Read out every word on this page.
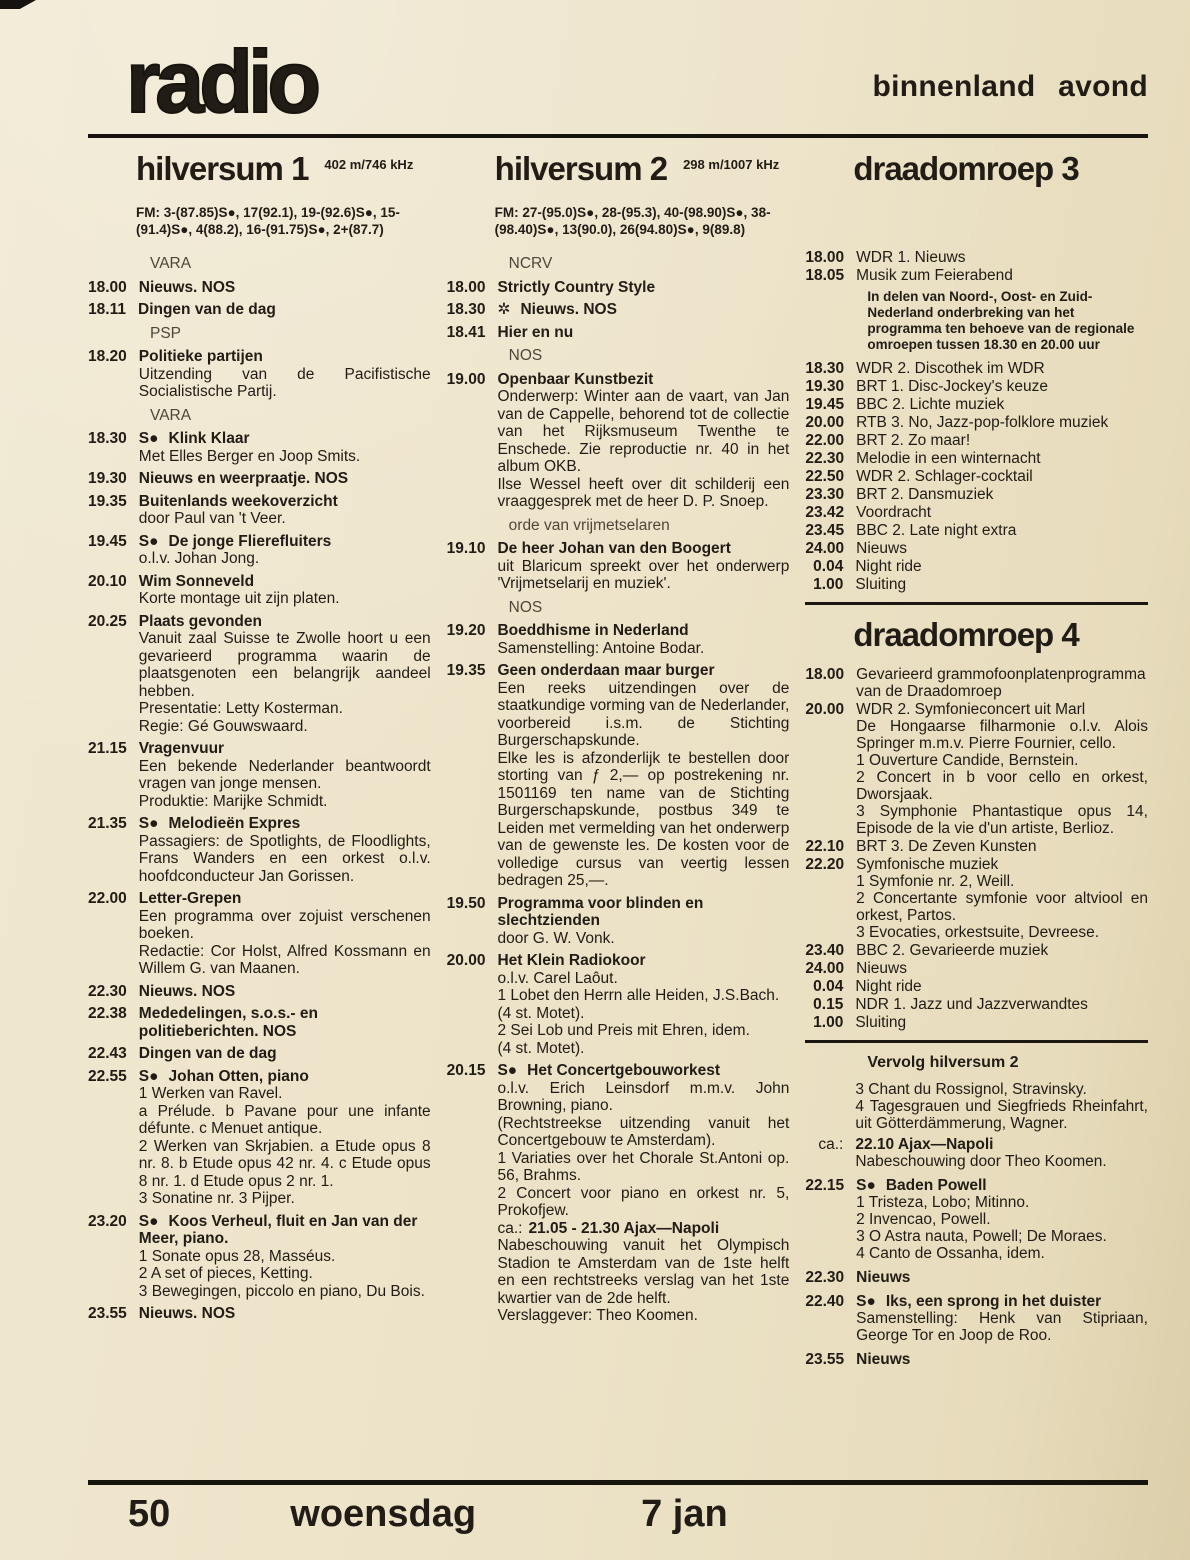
radio	binnenland avond
hilversum 1 402 m/746 kHz
FM: 3-(87.85)S●, 17(92.1), 19-(92.6)S●, 15-(91.4)S●, 4(88.2), 16-(91.75)S●, 2+(87.7)
VARA
18.00 Nieuws. NOS
18.11 Dingen van de dag
PSP
18.20 Politieke partijen
Uitzending van de Pacifistische Socialistische Partij.
VARA
18.30 S● Klink Klaar
Met Elles Berger en Joop Smits.
19.30 Nieuws en weerpraatje. NOS
19.35 Buitenlands weekoverzicht
door Paul van 't Veer.
19.45 S● De jonge Flierefluiters
o.l.v. Johan Jong.
20.10 Wim Sonneveld
Korte montage uit zijn platen.
20.25 Plaats gevonden
Vanuit zaal Suisse te Zwolle hoort u een gevarieerd programma waarin de plaatsgenoten een belangrijk aandeel hebben.
Presentatie: Letty Kosterman.
Regie: Gé Gouwswaard.
21.15 Vragenvuur
Een bekende Nederlander beantwoordt vragen van jonge mensen.
Produktie: Marijke Schmidt.
21.35 S● Melodieën Expres
Passagiers: de Spotlights, de Floodlights, Frans Wanders en een orkest o.l.v. hoofdconducteur Jan Gorissen.
22.00 Letter-Grepen
Een programma over zojuist verschenen boeken.
Redactie: Cor Holst, Alfred Kossmann en Willem G. van Maanen.
22.30 Nieuws. NOS
22.38 Mededelingen, s.o.s.- en politieberichten. NOS
22.43 Dingen van de dag
22.55 S● Johan Otten, piano
1 Werken van Ravel.
a Prélude. b Pavane pour une infante défunte. c Menuet antique.
2 Werken van Skrjabien. a Etude opus 8 nr. 8. b Etude opus 42 nr. 4. c Etude opus 8 nr. 1. d Etude opus 2 nr. 1.
3 Sonatine nr. 3 Pijper.
23.20 S● Koos Verheul, fluit en Jan van der Meer, piano.
1 Sonate opus 28, Masséus.
2 A set of pieces, Ketting.
3 Bewegingen, piccolo en piano, Du Bois.
23.55 Nieuws. NOS
hilversum 2 298 m/1007 kHz
FM: 27-(95.0)S●, 28-(95.3), 40-(98.90)S●, 38-(98.40)S●, 13(90.0), 26(94.80)S●, 9(89.8)
NCRV
18.00 Strictly Country Style
18.30 ✲ Nieuws. NOS
18.41 Hier en nu
NOS
19.00 Openbaar Kunstbezit
Onderwerp: Winter aan de vaart, van Jan van de Cappelle, behorend tot de collectie van het Rijksmuseum Twenthe te Enschede. Zie reproductie nr. 40 in het album OKB.
Ilse Wessel heeft over dit schilderij een vraaggesprek met de heer D. P. Snoep.
orde van vrijmetselaren
19.10 De heer Johan van den Boogert
uit Blaricum spreekt over het onderwerp 'Vrijmetselarij en muziek'.
NOS
19.20 Boeddhisme in Nederland
Samenstelling: Antoine Bodar.
19.35 Geen onderdaan maar burger
Een reeks uitzendingen over de staatkundige vorming van de Nederlander, voorbereid i.s.m. de Stichting Burgerschapskunde.
Elke les is afzonderlijk te bestellen door storting van ƒ 2,— op postrekening nr. 1501169 ten name van de Stichting Burgerschapskunde, postbus 349 te Leiden met vermelding van het onderwerp van de gewenste les. De kosten voor de volledige cursus van veertig lessen bedragen 25,—.
19.50 Programma voor blinden en slechtzienden
door G. W. Vonk.
20.00 Het Klein Radiokoor
o.l.v. Carel Laôut.
1 Lobet den Herrn alle Heiden, J.S.Bach.
(4 st. Motet).
2 Sei Lob und Preis mit Ehren, idem.
(4 st. Motet).
20.15 S● Het Concertgebouworkest
o.l.v. Erich Leinsdorf m.m.v. John Browning, piano.
(Rechtstreekse uitzending vanuit het Concertgebouw te Amsterdam).
1 Variaties over het Chorale St.Antoni op. 56, Brahms.
2 Concert voor piano en orkest nr. 5, Prokofjew.
ca.: 21.05 - 21.30 Ajax—Napoli
Nabeschouwing vanuit het Olympisch Stadion te Amsterdam van de 1ste helft en een rechtstreeks verslag van het 1ste kwartier van de 2de helft.
Verslaggever: Theo Koomen.
draadomroep 3
18.00 WDR 1. Nieuws
18.05 Musik zum Feierabend
In delen van Noord-, Oost- en Zuid-Nederland onderbreking van het programma ten behoeve van de regionale omroepen tussen 18.30 en 20.00 uur
18.30 WDR 2. Discothek im WDR
19.30 BRT 1. Disc-Jockey's keuze
19.45 BBC 2. Lichte muziek
20.00 RTB 3. No, Jazz-pop-folklore muziek
22.00 BRT 2. Zo maar!
22.30 Melodie in een winternacht
22.50 WDR 2. Schlager-cocktail
23.30 BRT 2. Dansmuziek
23.42 Voordracht
23.45 BBC 2. Late night extra
24.00 Nieuws
0.04 Night ride
1.00 Sluiting
draadomroep 4
18.00 Gevarieerd grammofoonplatenprogramma van de Draadomroep
20.00 WDR 2. Symfonieconcert uit Marl
De Hongaarse filharmonie o.l.v. Alois Springer m.m.v. Pierre Fournier, cello.
1 Ouverture Candide, Bernstein.
2 Concert in b voor cello en orkest, Dworsjaak.
3 Symphonie Phantastique opus 14, Episode de la vie d'un artiste, Berlioz.
22.10 BRT 3. De Zeven Kunsten
22.20 Symfonische muziek
1 Symfonie nr. 2, Weill.
2 Concertante symfonie voor altviool en orkest, Partos.
3 Evocaties, orkestsuite, Devreese.
23.40 BBC 2. Gevarieerde muziek
24.00 Nieuws
0.04 Night ride
0.15 NDR 1. Jazz und Jazzverwandtes
1.00 Sluiting
Vervolg hilversum 2
3 Chant du Rossignol, Stravinsky.
4 Tagesgrauen und Siegfrieds Rheinfahrt, uit Götterdämmerung, Wagner.
ca.: 22.10 Ajax—Napoli
Nabeschouwing door Theo Koomen.
22.15 S● Baden Powell
1 Tristeza, Lobo; Mitinno.
2 Invencao, Powell.
3 O Astra nauta, Powell; De Moraes.
4 Canto de Ossanha, idem.
22.30 Nieuws
22.40 S● Iks, een sprong in het duister
Samenstelling: Henk van Stipriaan, George Tor en Joop de Roo.
23.55 Nieuws
50	woensdag	7 jan
